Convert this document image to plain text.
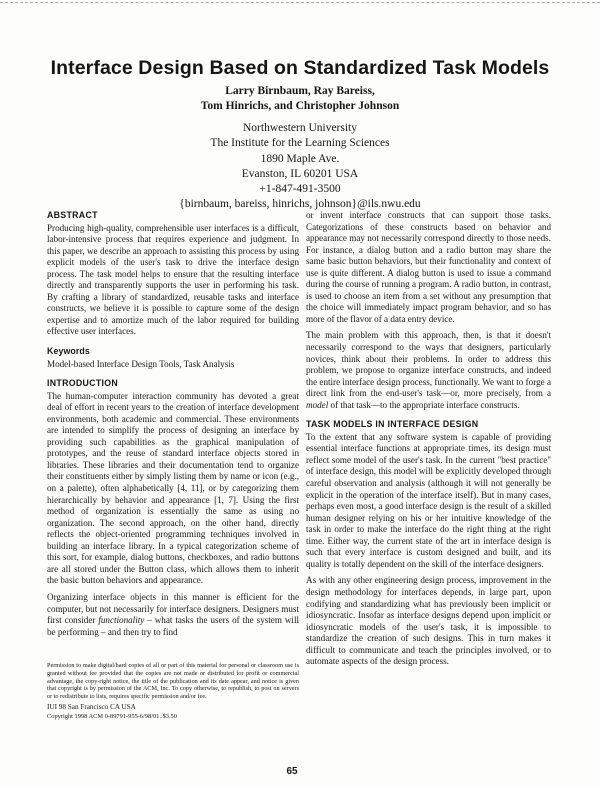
Interface Design Based on Standardized Task Models
Larry Birnbaum, Ray Bareiss,
Tom Hinrichs, and Christopher Johnson
Northwestern University
The Institute for the Learning Sciences
1890 Maple Ave.
Evanston, IL 60201 USA
+1-847-491-3500
{birnbaum, bareiss, hinrichs, johnson}@ils.nwu.edu
ABSTRACT

Producing high-quality, comprehensible user interfaces is a difficult, labor-intensive process that requires experience and judgment. In this paper, we describe an approach to assisting this process by using explicit models of the user's task to drive the interface design process. The task model helps to ensure that the resulting interface directly and transparently supports the user in performing his task. By crafting a library of standardized, reusable tasks and interface constructs, we believe it is possible to capture some of the design expertise and to amortize much of the labor required for building effective user interfaces.

Keywords

Model-based Interface Design Tools, Task Analysis

INTRODUCTION

The human-computer interaction community has devoted a great deal of effort in recent years to the creation of interface development environments, both academic and commercial. These environments are intended to simplify the process of designing an interface by providing such capabilities as the graphical manipulation of prototypes, and the reuse of standard interface objects stored in libraries. These libraries and their documentation tend to organize their constituents either by simply listing them by name or icon (e.g., on a palette), often alphabetically [4, 11], or by categorizing them hierarchically by behavior and appearance [1, 7]. Using the first method of organization is essentially the same as using no organization. The second approach, on the other hand, directly reflects the object-oriented programming techniques involved in building an interface library. In a typical categorization scheme of this sort, for example, dialog buttons, checkboxes, and radio buttons are all stored under the Button class, which allows them to inherit the basic button behaviors and appearance.

Organizing interface objects in this manner is efficient for the computer, but not necessarily for interface designers. Designers must first consider functionality – what tasks the users of the system will be performing – and then try to find

Permission to make digital/hard copies of all or part of this material for personal or classroom use is granted without fee provided that the copies are not made or distributed for profit or commercial advantage, the copy-right notice, the title of the publication and its date appear, and notice is given that copyright is by permission of the ACM, Inc. To copy otherwise, to republish, to post on servers or to redistribute to lists, requires specific permission and/or fee.

IUI 98 San Francisco CA USA

Copyright 1998 ACM 0-89791-955-6/98/01..$3.50

or invent interface constructs that can support those tasks. Categorizations of these constructs based on behavior and appearance may not necessarily correspond directly to those needs. For instance, a dialog button and a radio button may share the same basic button behaviors, but their functionality and context of use is quite different. A dialog button is used to issue a command during the course of running a program. A radio button, in contrast, is used to choose an item from a set without any presumption that the choice will immediately impact program behavior, and so has more of the flavor of a data entry device.

The main problem with this approach, then, is that it doesn't necessarily correspond to the ways that designers, particularly novices, think about their problems. In order to address this problem, we propose to organize interface constructs, and indeed the entire interface design process, functionally. We want to forge a direct link from the end-user's task—or, more precisely, from a model of that task—to the appropriate interface constructs.

TASK MODELS IN INTERFACE DESIGN

To the extent that any software system is capable of providing essential interface functions at appropriate times, its design must reflect some model of the user's task. In the current "best practice" of interface design, this model will be explicitly developed through careful observation and analysis (although it will not generally be explicit in the operation of the interface itself). But in many cases, perhaps even most, a good interface design is the result of a skilled human designer relying on his or her intuitive knowledge of the task in order to make the interface do the right thing at the right time. Either way, the current state of the art in interface design is such that every interface is custom designed and built, and its quality is totally dependent on the skill of the interface designers.

As with any other engineering design process, improvement in the design methodology for interfaces depends, in large part, upon codifying and standardizing what has previously been implicit or idiosyncratic. Insofar as interface designs depend upon implicit or idiosyncratic models of the user's task, it is impossible to standardize the creation of such designs. This in turn makes it difficult to communicate and teach the principles involved, or to automate aspects of the design process.

65
